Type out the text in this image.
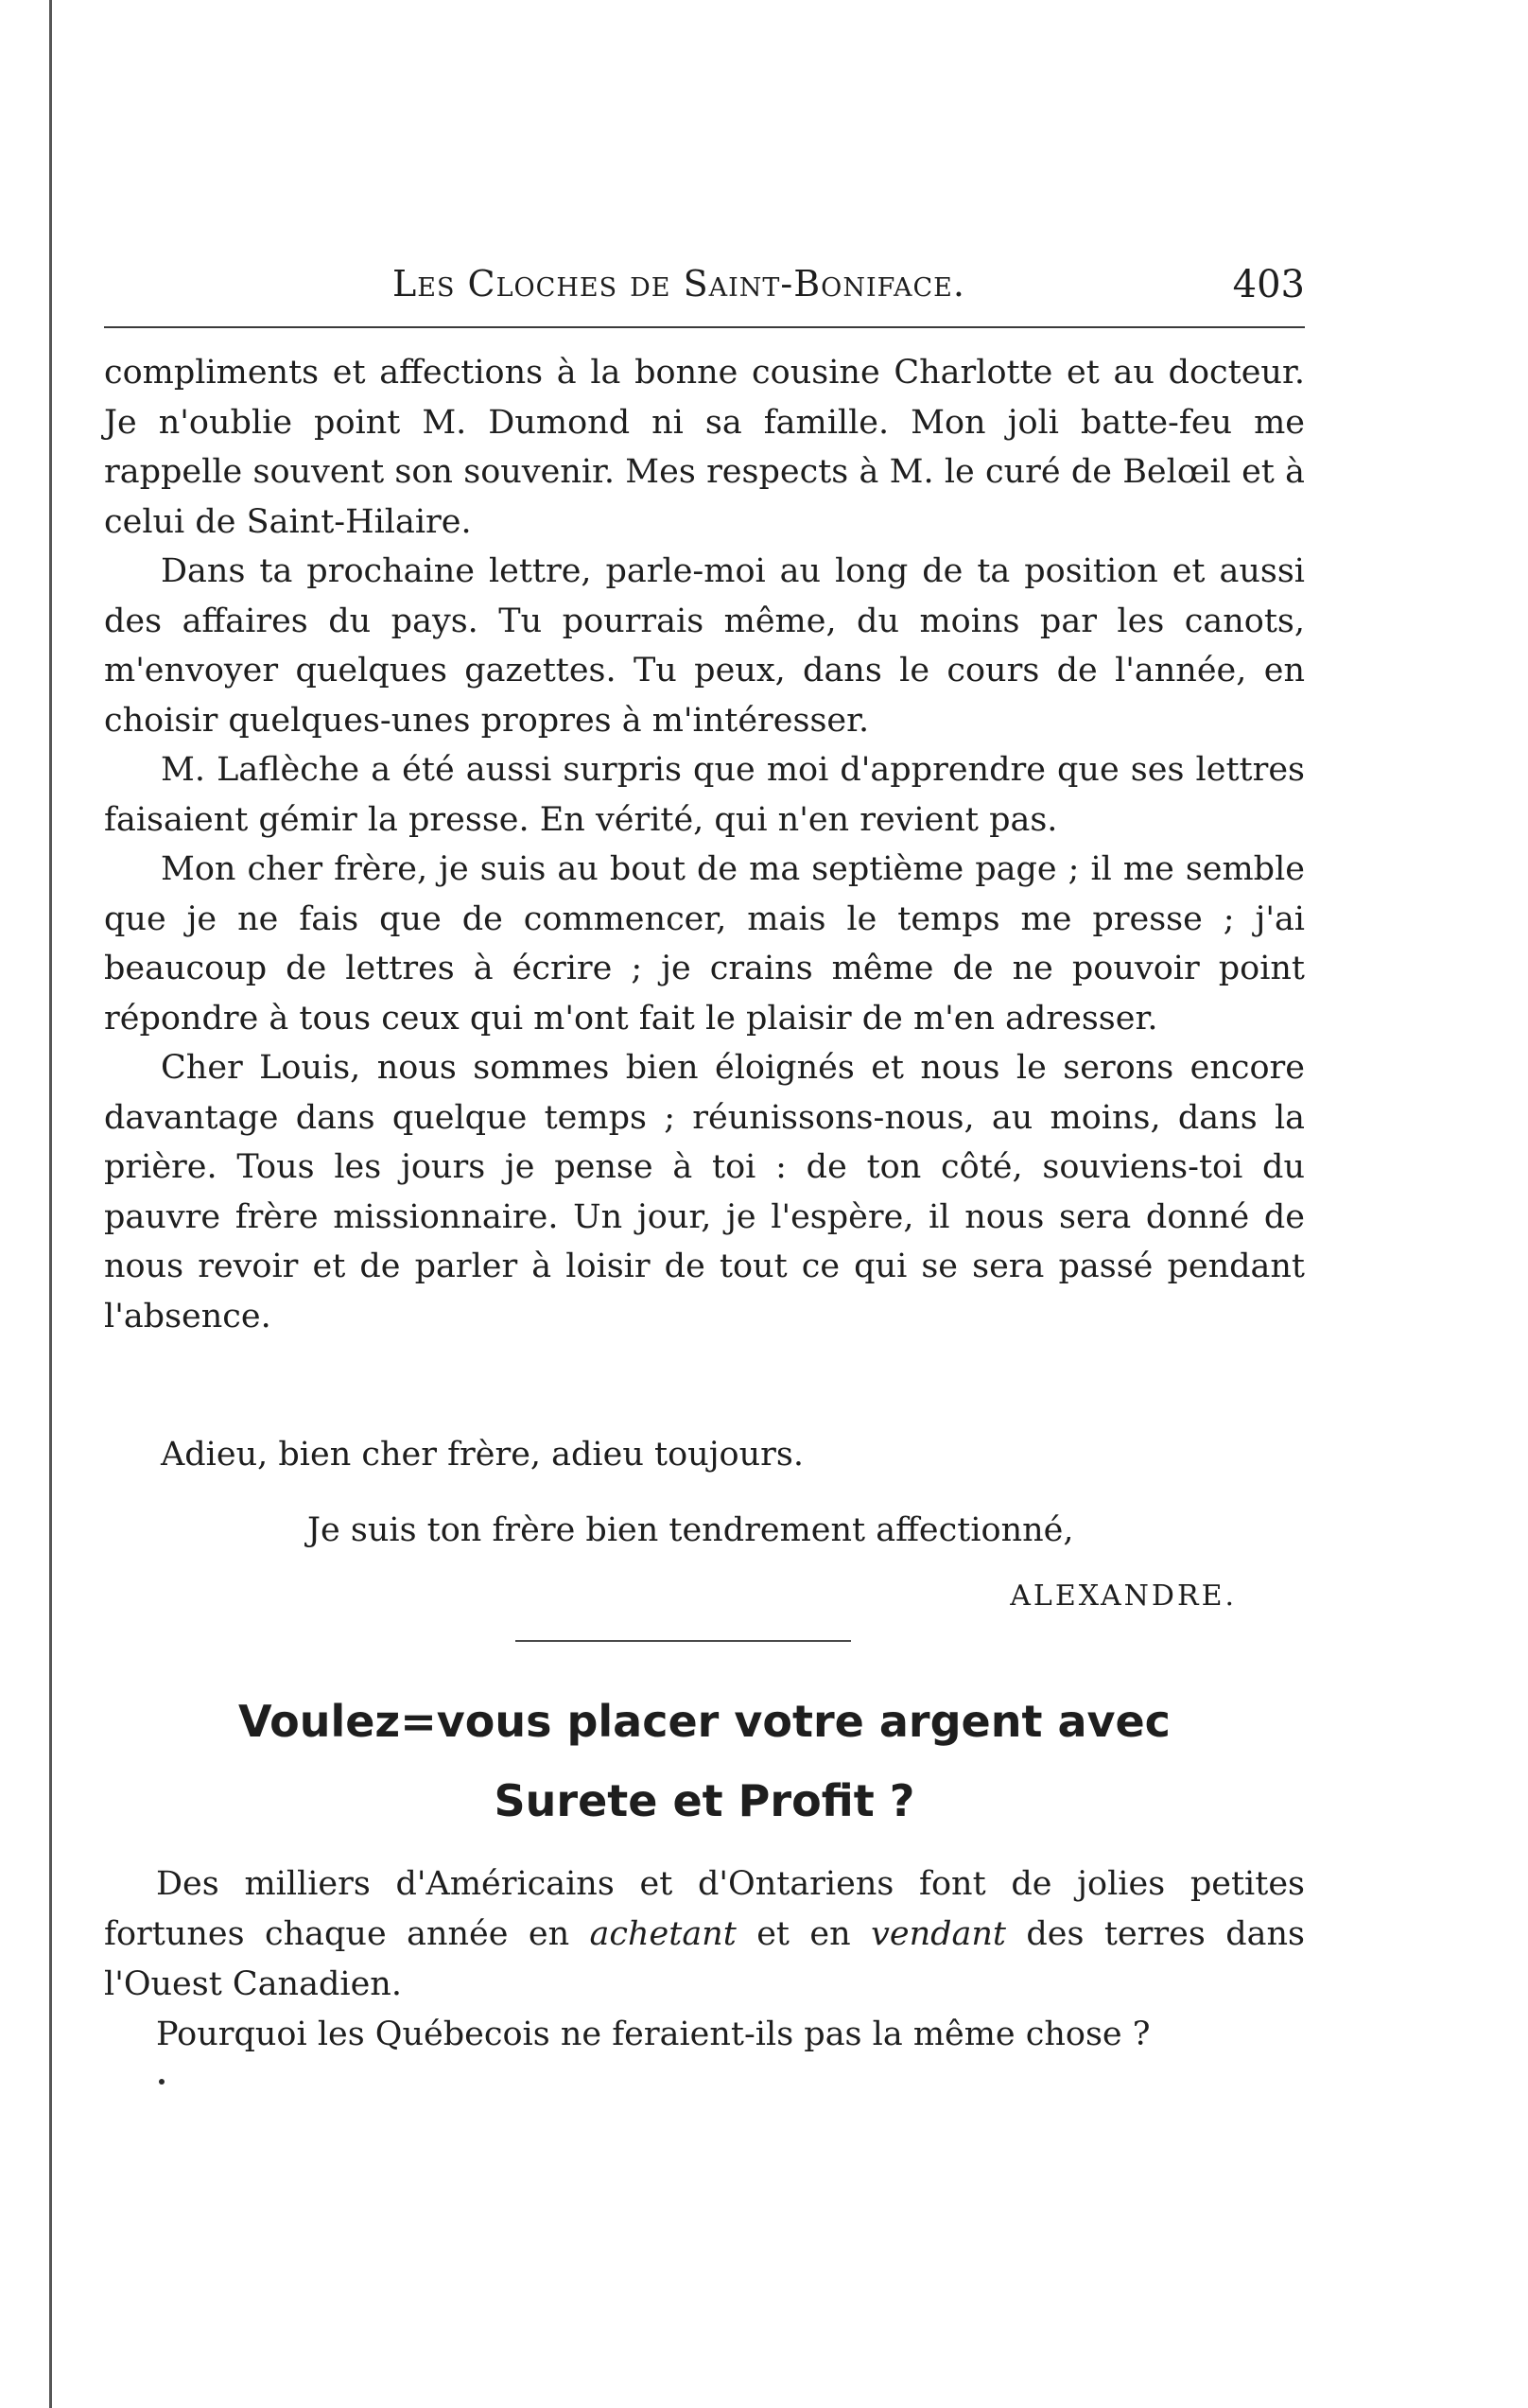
Les Cloches de Saint-Boniface.	403

compliments et affections à la bonne cousine Charlotte et au docteur. Je n'oublie point M. Dumond ni sa famille. Mon joli batte-feu me rappelle souvent son souvenir. Mes respects à M. le curé de Belœil et à celui de Saint-Hilaire.

Dans ta prochaine lettre, parle-moi au long de ta position et aussi des affaires du pays. Tu pourrais même, du moins par les canots, m'envoyer quelques gazettes. Tu peux, dans le cours de l'année, en choisir quelques-unes propres à m'intéresser.

M. Laflèche a été aussi surpris que moi d'apprendre que ses lettres faisaient gémir la presse. En vérité, qui n'en revient pas.

Mon cher frère, je suis au bout de ma septième page ; il me semble que je ne fais que de commencer, mais le temps me presse ; j'ai beaucoup de lettres à écrire ; je crains même de ne pouvoir point répondre à tous ceux qui m'ont fait le plaisir de m'en adresser.

Cher Louis, nous sommes bien éloignés et nous le serons encore davantage dans quelque temps ; réunissons-nous, au moins, dans la prière. Tous les jours je pense à toi : de ton côté, souviens-toi du pauvre frère missionnaire. Un jour, je l'espère, il nous sera donné de nous revoir et de parler à loisir de tout ce qui se sera passé pendant l'absence.

Adieu, bien cher frère, adieu toujours.
Je suis ton frère bien tendrement affectionné,
ALEXANDRE.
Voulez=vous placer votre argent avec
Surete et Profit ?

Des milliers d'Américains et d'Ontariens font de jolies petites fortunes chaque année en achetant et en vendant des terres dans l'Ouest Canadien.

Pourquoi les Québecois ne feraient-ils pas la même chose ?
